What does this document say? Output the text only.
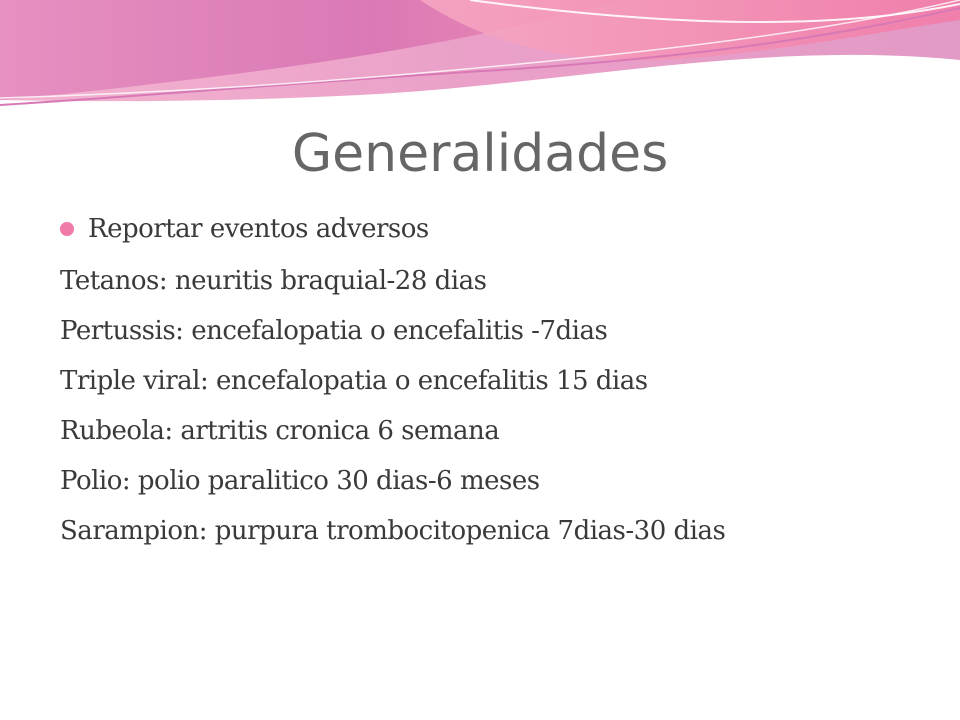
Generalidades
Reportar eventos adversos
Tetanos: neuritis braquial-28 dias
Pertussis: encefalopatia o encefalitis -7dias
Triple viral: encefalopatia o encefalitis 15 dias
Rubeola: artritis cronica 6 semana
Polio: polio paralitico 30 dias-6 meses
Sarampion: purpura trombocitopenica 7dias-30 dias
